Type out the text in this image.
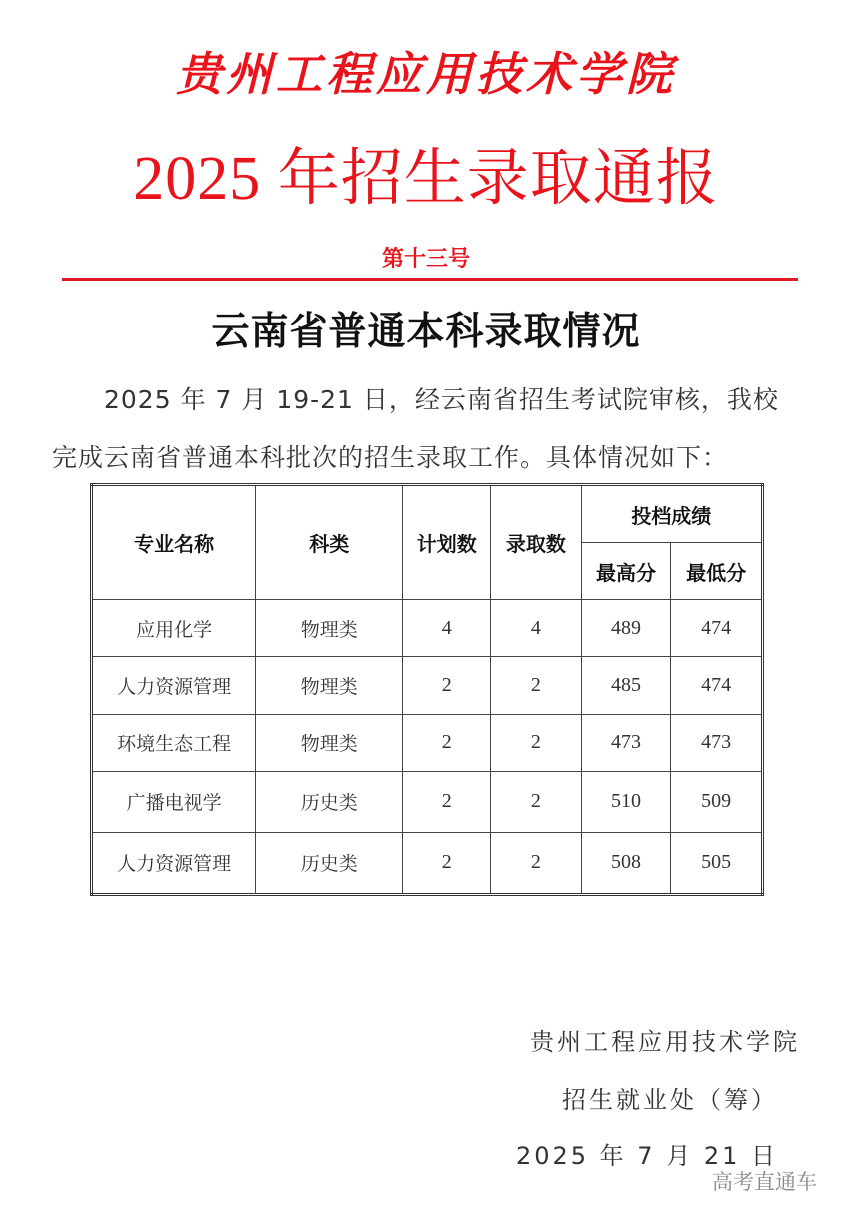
贵州工程应用技术学院
2025 年招生录取通报
第十三号
云南省普通本科录取情况
2025 年 7 月 19-21 日，经云南省招生考试院审核，我校
完成云南省普通本科批次的招生录取工作。具体情况如下：
专业名称	科类	计划数	录取数	投档成绩	
				最高分	最低分
应用化学	物理类	4	4	489	474
人力资源管理	物理类	2	2	485	474
环境生态工程	物理类	2	2	473	473
广播电视学	历史类	2	2	510	509
人力资源管理	历史类	2	2	508	505
贵州工程应用技术学院
招生就业处（筹）
2025 年 7 月 21 日
高考直通车
